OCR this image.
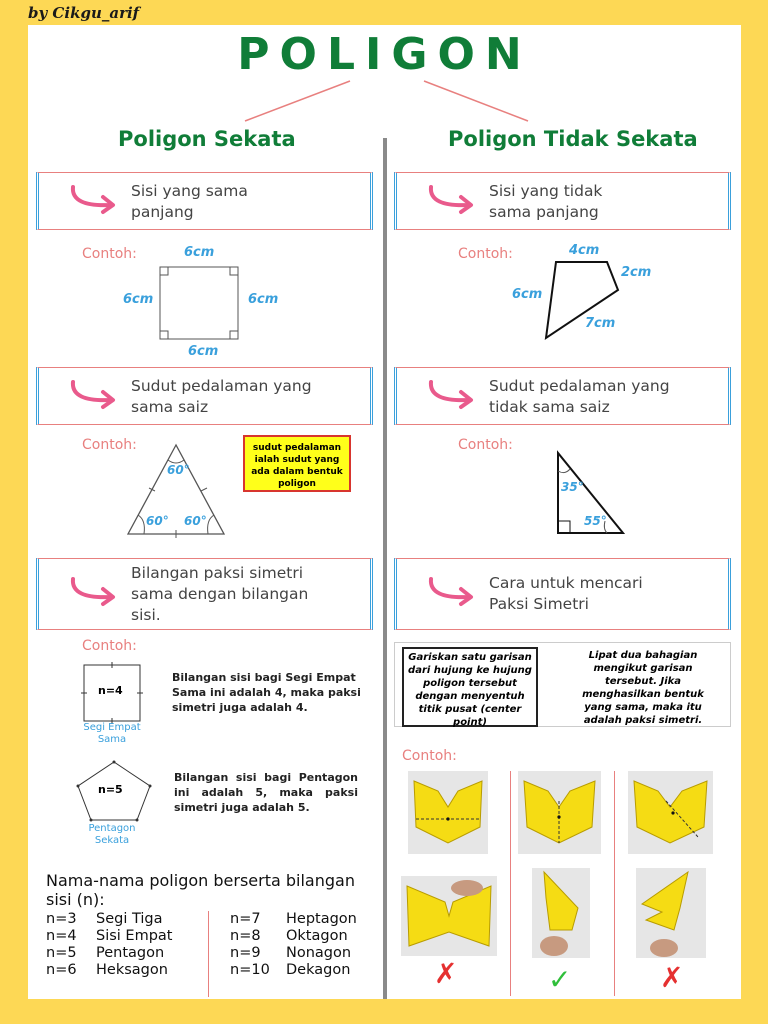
by Cikgu_arif
POLIGON
Poligon Sekata	Poligon Tidak Sekata
Sisi yang sama
panjang
Sisi yang tidak
sama panjang
Contoh:	6cm
6cm	6cm
6cm
Contoh:	4cm
2cm
6cm
7cm
Sudut pedalaman yang
sama saiz
Sudut pedalaman yang
tidak sama saiz
Contoh:
60°
60° 60°
sudut pedalaman ialah sudut yang ada dalam bentuk poligon
Contoh:
35°
55°
Bilangan paksi simetri
sama dengan bilangan
sisi.
Cara untuk mencari
Paksi Simetri
Contoh:
n=4
Segi Empat Sama
Bilangan sisi bagi Segi Empat Sama ini adalah 4, maka paksi simetri juga adalah 4.
n=5
Pentagon Sekata
Bilangan sisi bagi Pentagon ini adalah 5, maka paksi simetri juga adalah 5.
Nama-nama poligon berserta bilangan sisi (n):
n=3 Segi Tiga
n=4 Sisi Empat
n=5 Pentagon
n=6 Heksagon
n=7 Heptagon
n=8 Oktagon
n=9 Nonagon
n=10 Dekagon
Gariskan satu garisan dari hujung ke hujung poligon tersebut dengan menyentuh titik pusat (center point)
Lipat dua bahagian mengikut garisan tersebut. Jika menghasilkan bentuk yang sama, maka itu adalah paksi simetri.
Contoh:
✗	✓	✗
